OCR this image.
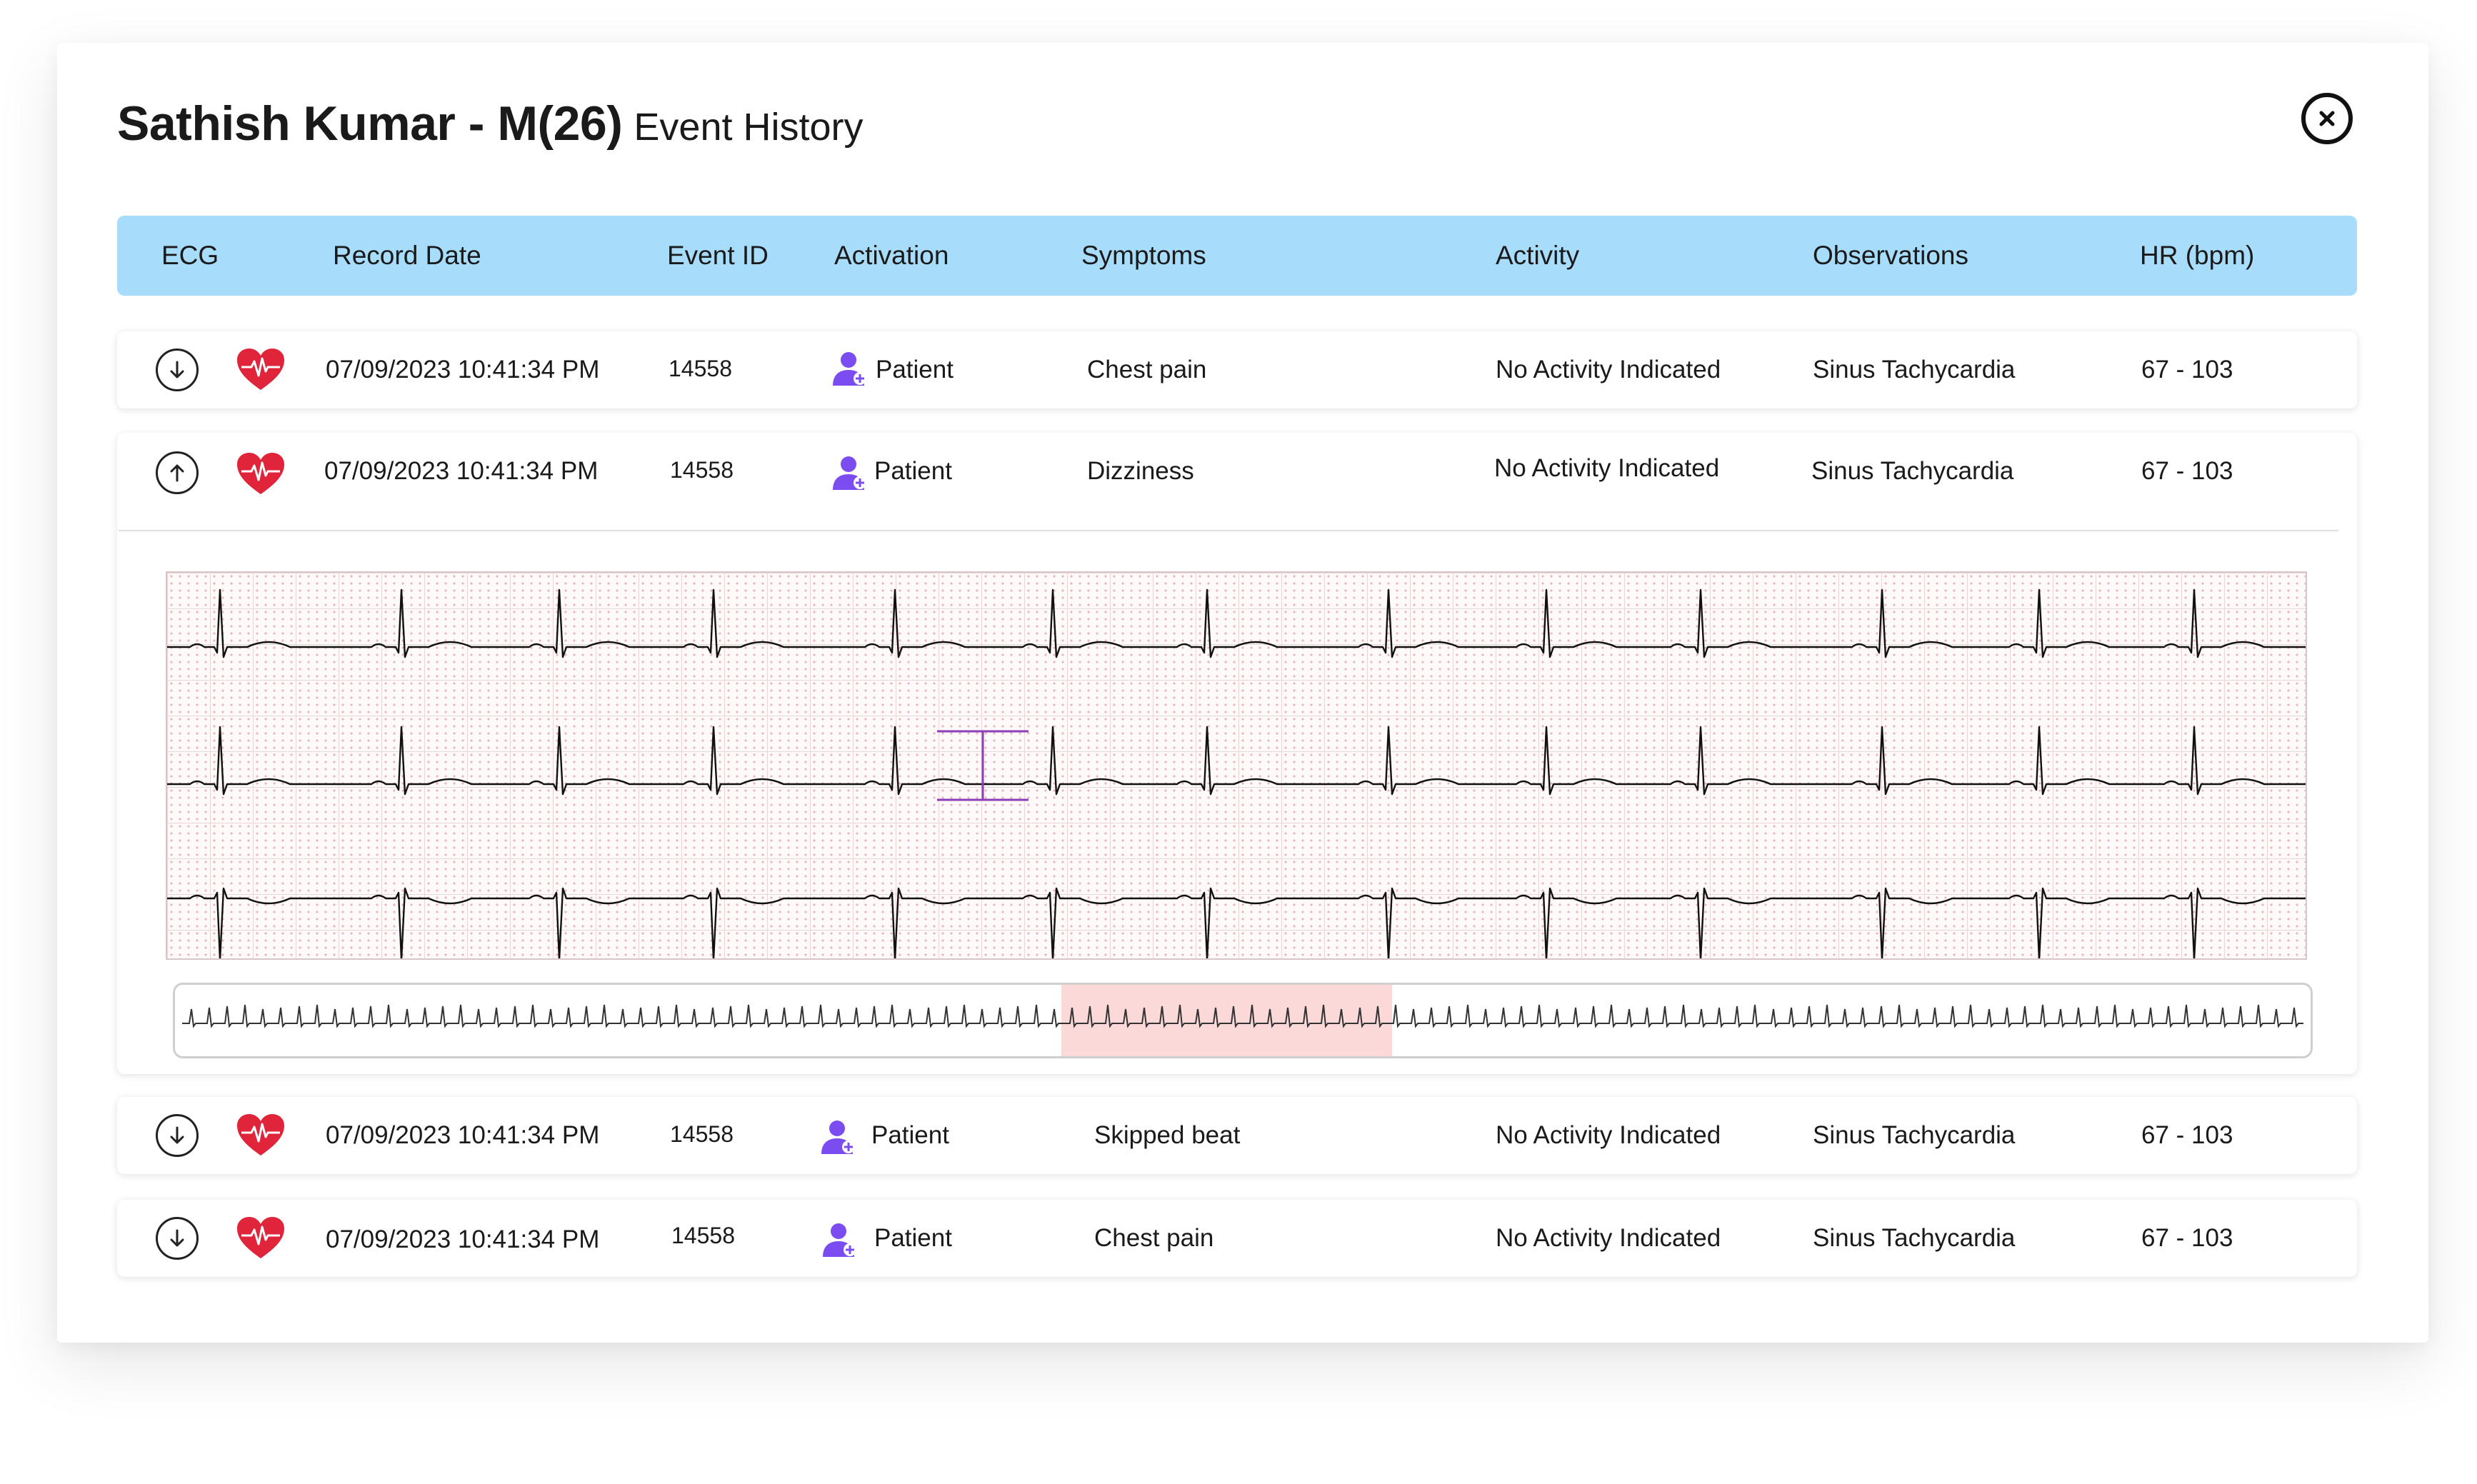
Sathish Kumar - M(26) Event History
ECG	Record Date	Event ID Activation	Symptoms	Activity	Observations	HR (bpm)
07/09/2023 10:41:34 PM	14558	Patient	Chest pain	No Activity Indicated	Sinus Tachycardia	67 - 103
07/09/2023 10:41:34 PM	14558	Patient	Dizziness	No Activity Indicated	Sinus Tachycardia	67 - 103
07/09/2023 10:41:34 PM	14558	Patient	Skipped beat	No Activity Indicated	Sinus Tachycardia	67 - 103
07/09/2023 10:41:34 PM	14558	Patient	Chest pain	No Activity Indicated	Sinus Tachycardia	67 - 103
